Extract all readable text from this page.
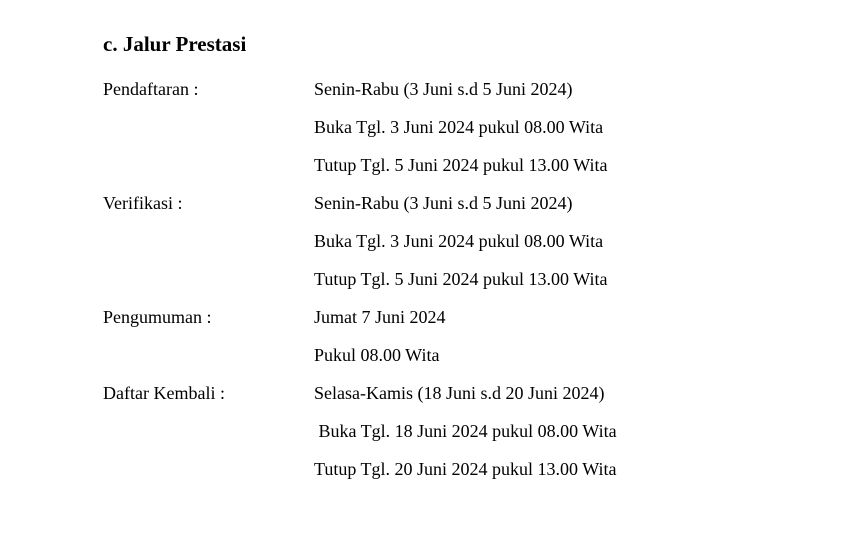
c. Jalur Prestasi
Pendaftaran :	Senin-Rabu (3 Juni s.d 5 Juni 2024)
Buka Tgl. 3 Juni 2024 pukul 08.00 Wita
Tutup Tgl. 5 Juni 2024 pukul 13.00 Wita
Verifikasi :	Senin-Rabu (3 Juni s.d 5 Juni 2024)
Buka Tgl. 3 Juni 2024 pukul 08.00 Wita
Tutup Tgl. 5 Juni 2024 pukul 13.00 Wita
Pengumuman :	Jumat 7 Juni 2024
Pukul 08.00 Wita
Daftar Kembali :	Selasa-Kamis (18 Juni s.d 20 Juni 2024)
Buka Tgl. 18 Juni 2024 pukul 08.00 Wita
Tutup Tgl. 20 Juni 2024 pukul 13.00 Wita
